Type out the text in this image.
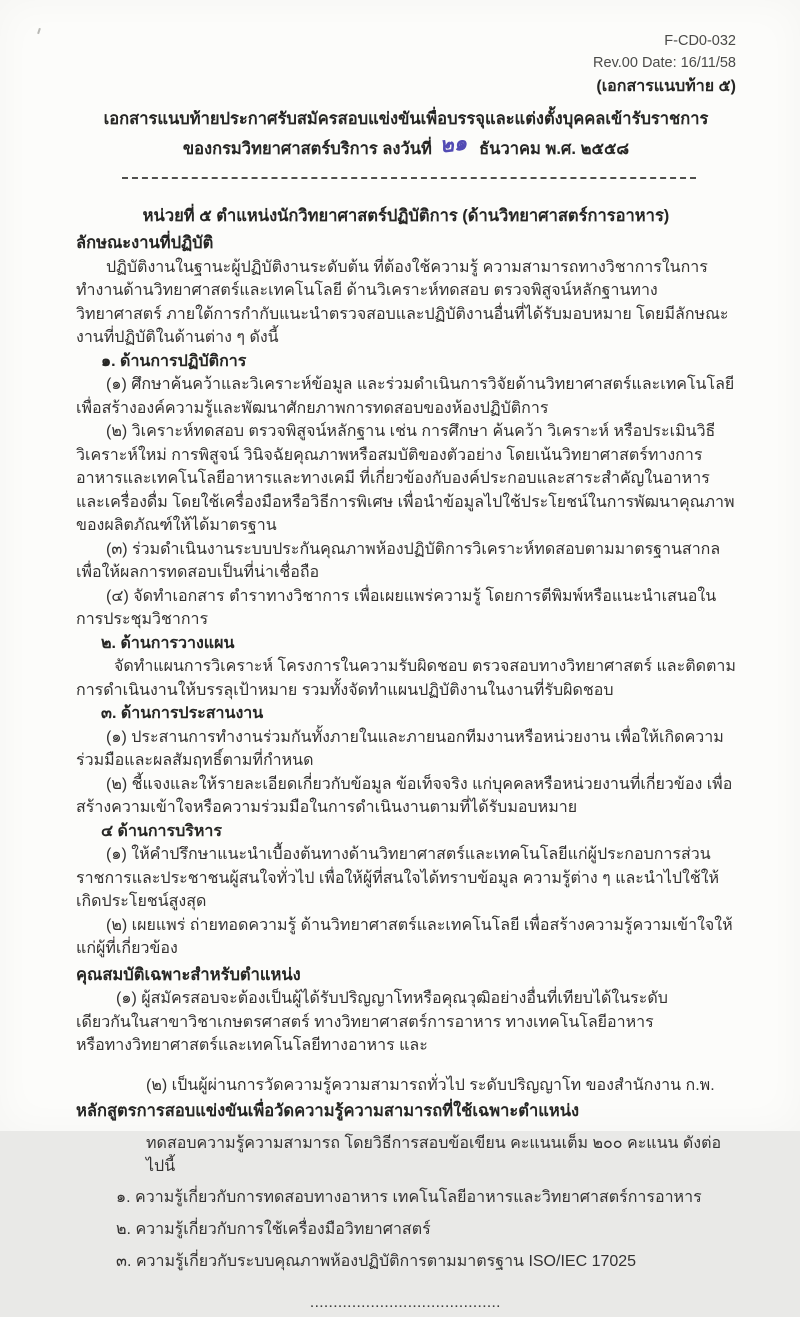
F-CD0-032
Rev.00 Date: 16/11/58
(เอกสารแนบท้าย ๕)
เอกสารแนบท้ายประกาศรับสมัครสอบแข่งขันเพื่อบรรจุและแต่งตั้งบุคคลเข้ารับราชการ
ของกรมวิทยาศาสตร์บริการ ลงวันที่ ๒๑ ธันวาคม พ.ศ. ๒๕๕๘
หน่วยที่ ๕ ตำแหน่งนักวิทยาศาสตร์ปฏิบัติการ (ด้านวิทยาศาสตร์การอาหาร)
ลักษณะงานที่ปฏิบัติ

ปฏิบัติงานในฐานะผู้ปฏิบัติงานระดับต้น ที่ต้องใช้ความรู้ ความสามารถทางวิชาการในการทำงานด้านวิทยาศาสตร์และเทคโนโลยี ด้านวิเคราะห์ทดสอบ ตรวจพิสูจน์หลักฐานทางวิทยาศาสตร์ ภายใต้การกำกับแนะนำตรวจสอบและปฏิบัติงานอื่นที่ได้รับมอบหมาย โดยมีลักษณะงานที่ปฏิบัติในด้านต่าง ๆ ดังนี้

๑. ด้านการปฏิบัติการ

(๑) ศึกษาค้นคว้าและวิเคราะห์ข้อมูล และร่วมดำเนินการวิจัยด้านวิทยาศาสตร์และเทคโนโลยีเพื่อสร้างองค์ความรู้และพัฒนาศักยภาพการทดสอบของห้องปฏิบัติการ

(๒) วิเคราะห์ทดสอบ ตรวจพิสูจน์หลักฐาน เช่น การศึกษา ค้นคว้า วิเคราะห์ หรือประเมินวิธีวิเคราะห์ใหม่ การพิสูจน์ วินิจฉัยคุณภาพหรือสมบัติของตัวอย่าง โดยเน้นวิทยาศาสตร์ทางการอาหารและเทคโนโลยีอาหารและทางเคมี ที่เกี่ยวข้องกับองค์ประกอบและสาระสำคัญในอาหารและเครื่องดื่ม โดยใช้เครื่องมือหรือวิธีการพิเศษ เพื่อนำข้อมูลไปใช้ประโยชน์ในการพัฒนาคุณภาพของผลิตภัณฑ์ให้ได้มาตรฐาน

(๓) ร่วมดำเนินงานระบบประกันคุณภาพห้องปฏิบัติการวิเคราะห์ทดสอบตามมาตรฐานสากล เพื่อให้ผลการทดสอบเป็นที่น่าเชื่อถือ

(๔) จัดทำเอกสาร ตำราทางวิชาการ เพื่อเผยแพร่ความรู้ โดยการตีพิมพ์หรือแนะนำเสนอในการประชุมวิชาการ

๒. ด้านการวางแผน

จัดทำแผนการวิเคราะห์ โครงการในความรับผิดชอบ ตรวจสอบทางวิทยาศาสตร์ และติดตามการดำเนินงานให้บรรลุเป้าหมาย รวมทั้งจัดทำแผนปฏิบัติงานในงานที่รับผิดชอบ

๓. ด้านการประสานงาน

(๑) ประสานการทำงานร่วมกันทั้งภายในและภายนอกทีมงานหรือหน่วยงาน เพื่อให้เกิดความร่วมมือและผลสัมฤทธิ์ตามที่กำหนด

(๒) ชี้แจงและให้รายละเอียดเกี่ยวกับข้อมูล ข้อเท็จจริง แก่บุคคลหรือหน่วยงานที่เกี่ยวข้อง เพื่อสร้างความเข้าใจหรือความร่วมมือในการดำเนินงานตามที่ได้รับมอบหมาย

๔ ด้านการบริหาร

(๑) ให้คำปรึกษาแนะนำเบื้องต้นทางด้านวิทยาศาสตร์และเทคโนโลยีแก่ผู้ประกอบการส่วนราชการและประชาชนผู้สนใจทั่วไป เพื่อให้ผู้ที่สนใจได้ทราบข้อมูล ความรู้ต่าง ๆ และนำไปใช้ให้เกิดประโยชน์สูงสุด

(๒) เผยแพร่ ถ่ายทอดความรู้ ด้านวิทยาศาสตร์และเทคโนโลยี เพื่อสร้างความรู้ความเข้าใจให้แก่ผู้ที่เกี่ยวข้อง

คุณสมบัติเฉพาะสำหรับตำแหน่ง

(๑) ผู้สมัครสอบจะต้องเป็นผู้ได้รับปริญญาโทหรือคุณวุฒิอย่างอื่นที่เทียบได้ในระดับเดียวกันในสาขาวิชาเกษตรศาสตร์ ทางวิทยาศาสตร์การอาหาร ทางเทคโนโลยีอาหาร หรือทางวิทยาศาสตร์และเทคโนโลยีทางอาหาร และ

(๒) เป็นผู้ผ่านการวัดความรู้ความสามารถทั่วไป ระดับปริญญาโท ของสำนักงาน ก.พ.

หลักสูตรการสอบแข่งขันเพื่อวัดความรู้ความสามารถที่ใช้เฉพาะตำแหน่ง

ทดสอบความรู้ความสามารถ โดยวิธีการสอบข้อเขียน คะแนนเต็ม ๒๐๐ คะแนน ดังต่อไปนี้

๑. ความรู้เกี่ยวกับการทดสอบทางอาหาร เทคโนโลยีอาหารและวิทยาศาสตร์การอาหาร
๒. ความรู้เกี่ยวกับการใช้เครื่องมือวิทยาศาสตร์
๓. ความรู้เกี่ยวกับระบบคุณภาพห้องปฏิบัติการตามมาตรฐาน ISO/IEC 17025
.........................................
